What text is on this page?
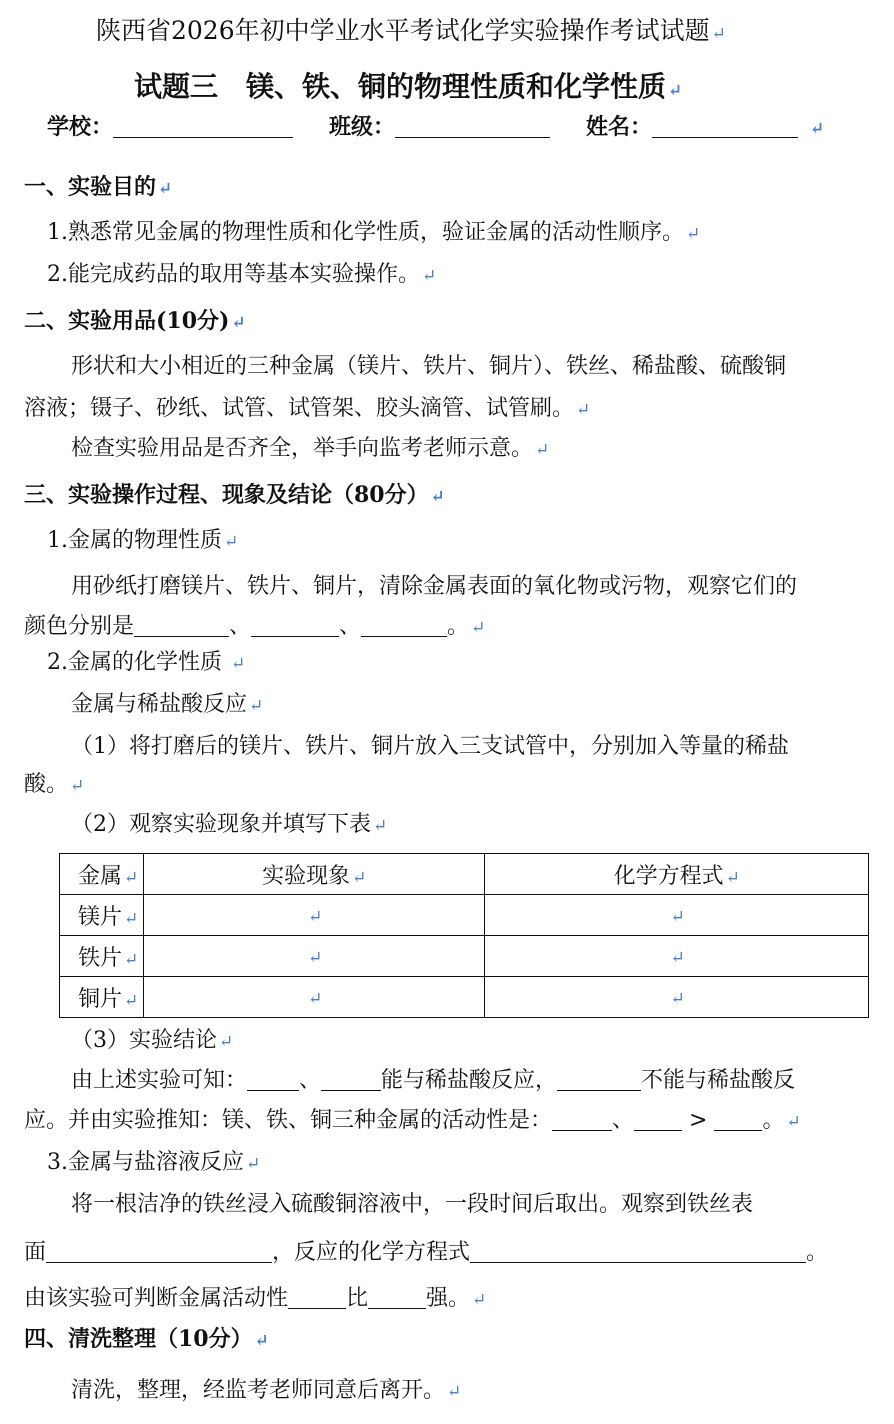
陕西省2026年初中学业水平考试化学实验操作考试试题 ↵
试题三　镁、铁、铜的物理性质和化学性质 ↵
学校：	班级：	姓名：	↵
一、实验目的 ↵
1.熟悉常见金属的物理性质和化学性质，验证金属的活动性顺序。 ↵
2.能完成药品的取用等基本实验操作。 ↵
二、实验用品(10分) ↵
形状和大小相近的三种金属（镁片、铁片、铜片）、铁丝、稀盐酸、硫酸铜
溶液；镊子、砂纸、试管、试管架、胶头滴管、试管刷。 ↵
检查实验用品是否齐全，举手向监考老师示意。 ↵
三、实验操作过程、现象及结论（80分） ↵
1.金属的物理性质 ↵
用砂纸打磨镁片、铁片、铜片，清除金属表面的氧化物或污物，观察它们的
颜色分别是	、	、	。 ↵
2.金属的化学性质 ↵
金属与稀盐酸反应 ↵
（1）将打磨后的镁片、铁片、铜片放入三支试管中，分别加入等量的稀盐
酸。 ↵
（2）观察实验现象并填写下表 ↵
金属 ↵	实验现象 ↵	化学方程式 ↵
镁片 ↵	↵	↵
铁片 ↵	↵	↵
铜片 ↵	↵	↵
（3）实验结论 ↵
由上述实验可知： 、	能与稀盐酸反应，	不能与稀盐酸反
应。并由实验推知：镁、铁、铜三种金属的活动性是：	、 > 。 ↵
3.金属与盐溶液反应 ↵
将一根洁净的铁丝浸入硫酸铜溶液中，一段时间后取出。观察到铁丝表
面	，反应的化学方程式	。
由该实验可判断金属活动性	比	强。 ↵
四、清洗整理（10分） ↵
清洗，整理，经监考老师同意后离开。 ↵
